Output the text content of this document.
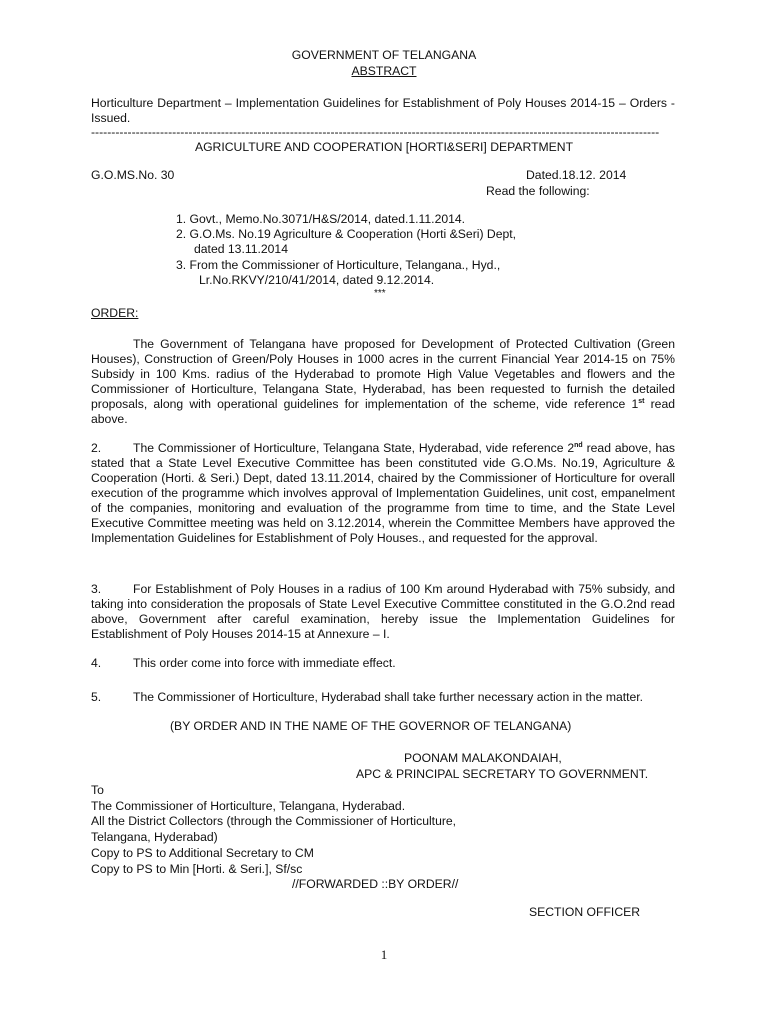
GOVERNMENT OF TELANGANA
ABSTRACT
Horticulture Department – Implementation Guidelines for Establishment of Poly Houses 2014-15 – Orders - Issued.
--------------------------------------------------------------------------------------------------------------------------------------------
AGRICULTURE AND COOPERATION [HORTI&SERI] DEPARTMENT
G.O.MS.No. 30	Dated.18.12. 2014
Read the following:
1. Govt., Memo.No.3071/H&S/2014, dated.1.11.2014.
2. G.O.Ms. No.19 Agriculture & Cooperation (Horti &Seri) Dept,
dated 13.11.2014
3. From the Commissioner of Horticulture, Telangana., Hyd.,
Lr.No.RKVY/210/41/2014, dated 9.12.2014.
***
ORDER:

The Government of Telangana have proposed for Development of Protected Cultivation (Green Houses), Construction of Green/Poly Houses in 1000 acres in the current Financial Year 2014-15 on 75% Subsidy in 100 Kms. radius of the Hyderabad to promote High Value Vegetables and flowers and the Commissioner of Horticulture, Telangana State, Hyderabad, has been requested to furnish the detailed proposals, along with operational guidelines for implementation of the scheme, vide reference 1st read above.

2.	The Commissioner of Horticulture, Telangana State, Hyderabad, vide reference 2nd read above, has stated that a State Level Executive Committee has been constituted vide G.O.Ms. No.19, Agriculture & Cooperation (Horti. & Seri.) Dept, dated 13.11.2014, chaired by the Commissioner of Horticulture for overall execution of the programme which involves approval of Implementation Guidelines, unit cost, empanelment of the companies, monitoring and evaluation of the programme from time to time, and the State Level Executive Committee meeting was held on 3.12.2014, wherein the Committee Members have approved the Implementation Guidelines for Establishment of Poly Houses., and requested for the approval.

3.	For Establishment of Poly Houses in a radius of 100 Km around Hyderabad with 75% subsidy, and taking into consideration the proposals of State Level Executive Committee constituted in the G.O.2nd read above, Government after careful examination, hereby issue the Implementation Guidelines for Establishment of Poly Houses 2014-15 at Annexure – I.

4.	This order come into force with immediate effect.

5.	The Commissioner of Horticulture, Hyderabad shall take further necessary action in the matter.

(BY ORDER AND IN THE NAME OF THE GOVERNOR OF TELANGANA)
POONAM MALAKONDAIAH,
APC & PRINCIPAL SECRETARY TO GOVERNMENT.
To
The Commissioner of Horticulture, Telangana, Hyderabad.
All the District Collectors (through the Commissioner of Horticulture,
Telangana, Hyderabad)
Copy to PS to Additional Secretary to CM
Copy to PS to Min [Horti. & Seri.], Sf/sc
//FORWARDED ::BY ORDER//
SECTION OFFICER
1
